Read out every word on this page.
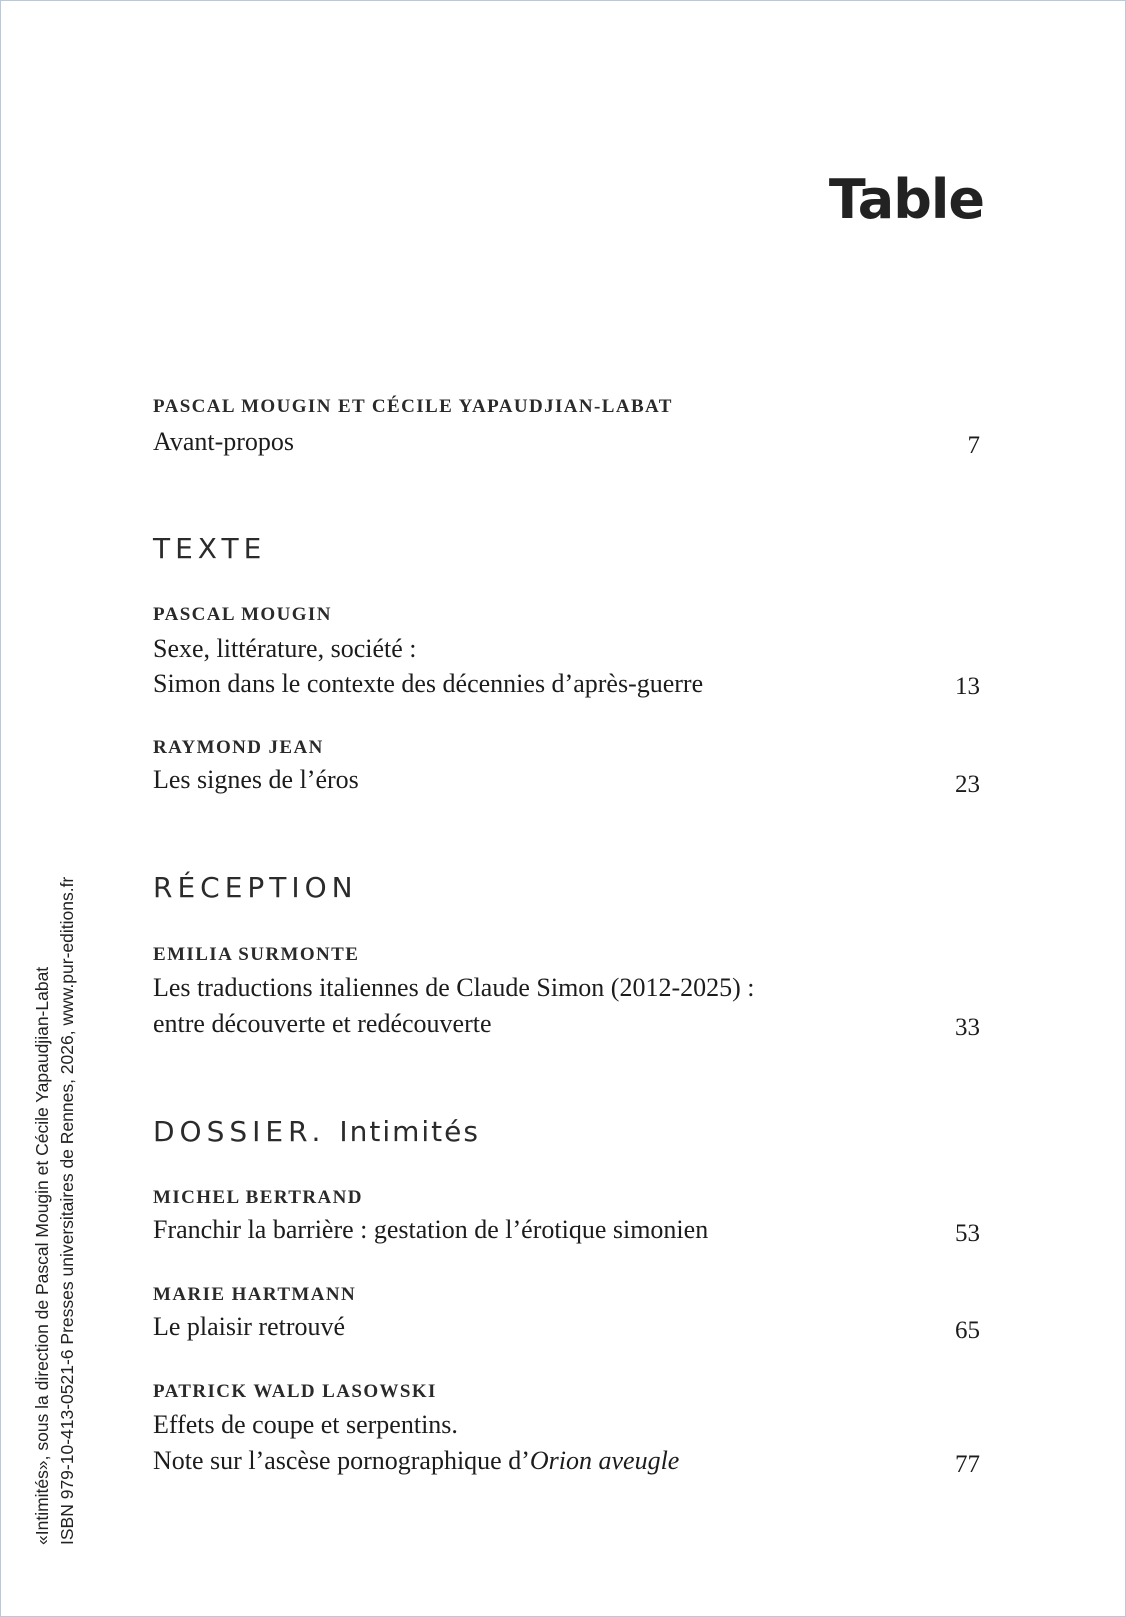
Table
PASCAL MOUGIN ET CÉCILE YAPAUDJIAN-LABAT
Avant-propos	7
TEXTE
PASCAL MOUGIN
Sexe, littérature, société :
Simon dans le contexte des décennies d’après-guerre	13
RAYMOND JEAN
Les signes de l’éros	23
RÉCEPTION
EMILIA SURMONTE
Les traductions italiennes de Claude Simon (2012-2025) :
entre découverte et redécouverte	33
DOSSIER. Intimités
MICHEL BERTRAND
Franchir la barrière : gestation de l’érotique simonien	53
MARIE HARTMANN
Le plaisir retrouvé	65
PATRICK WALD LASOWSKI
Effets de coupe et serpentins.
Note sur l’ascèse pornographique d’Orion aveugle	77
«Intimités», sous la direction de Pascal Mougin et Cécile Yapaudjian-Labat ISBN 979-10-413-0521-6 Presses universitaires de Rennes, 2026, www.pur-editions.fr
